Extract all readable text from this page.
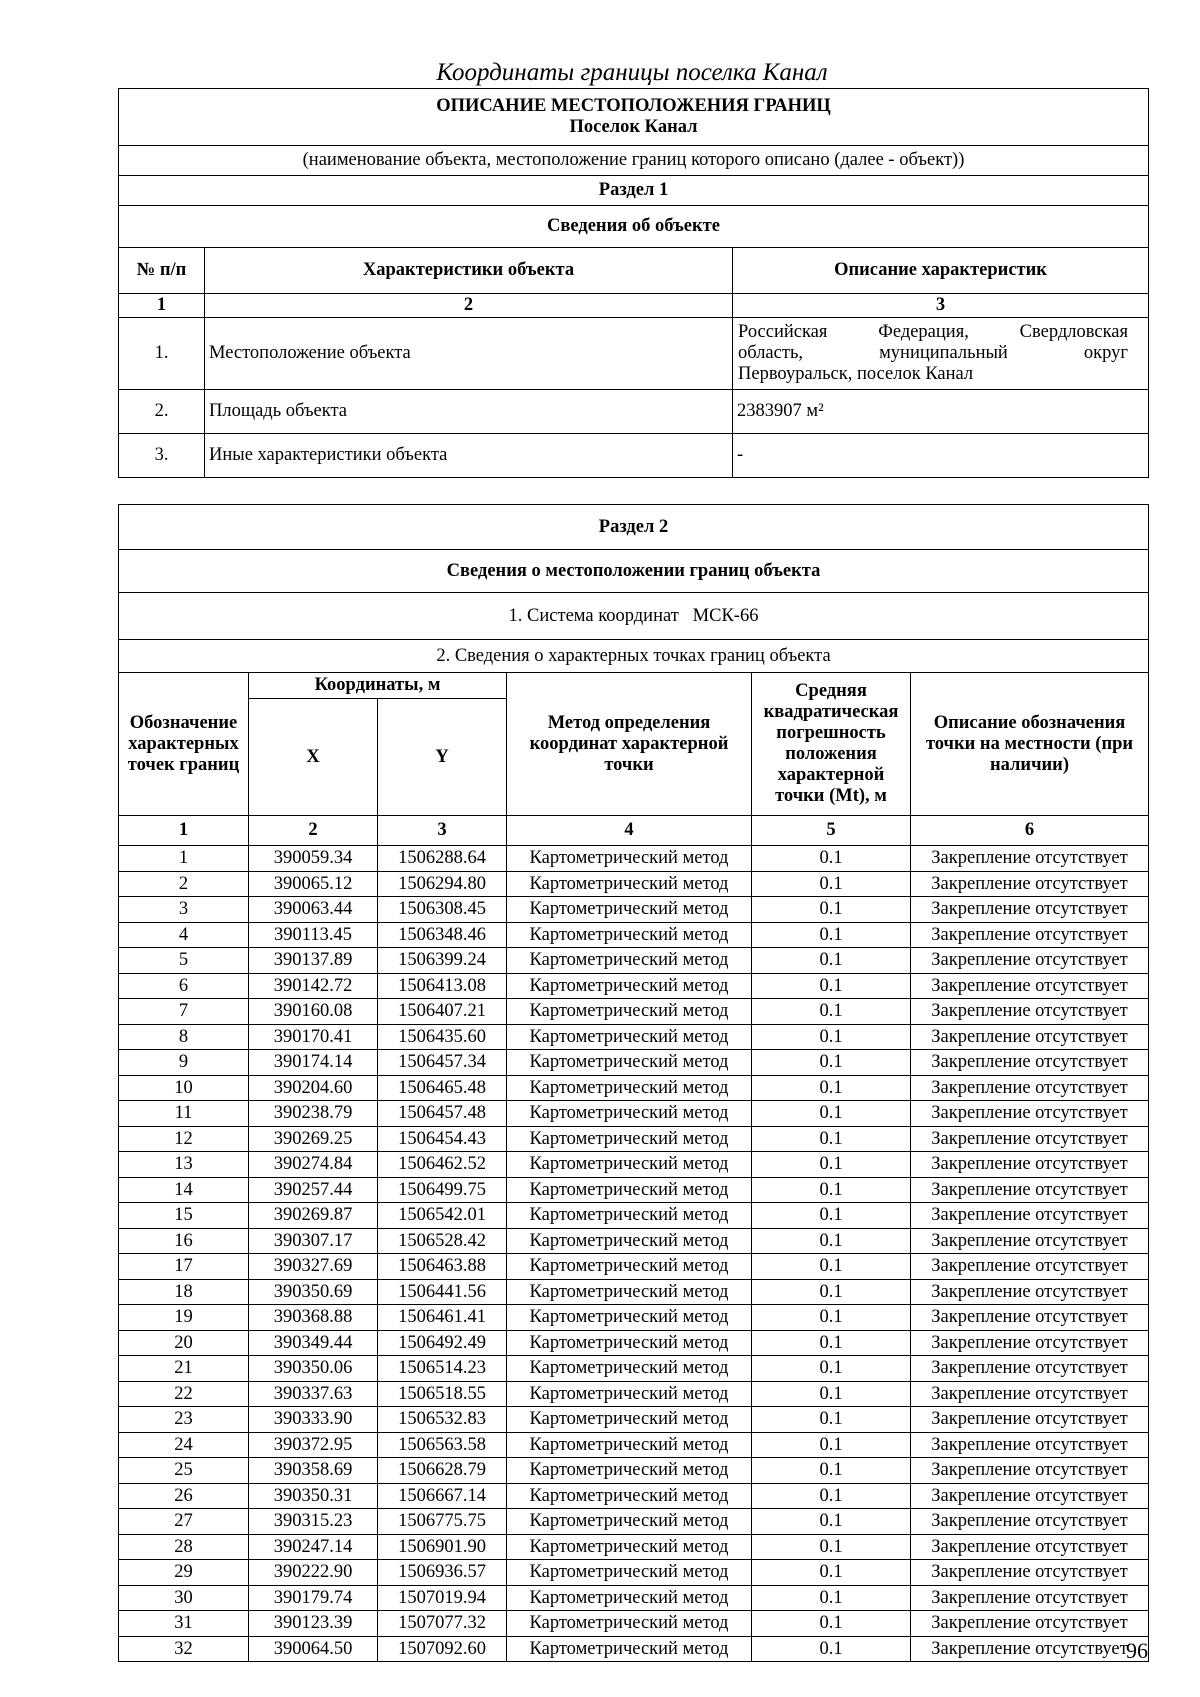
Координаты границы поселка Канал
ОПИСАНИЕ МЕСТОПОЛОЖЕНИЯ ГРАНИЦ
Поселок Канал		

(наименование объекта, местоположение границ которого описано (далее - объект))		
Раздел 1		
Сведения об объекте		
№ п/п	Характеристики объекта	Описание характеристик
1	2	3
1.	Местоположение объекта	Российская Федерация, Свердловская
область, муниципальный округ
Первоуральск, поселок Канал

2.	Площадь объекта	2383907 м²
3.	Иные характеристики объекта	-
Раздел 2					
Сведения о местоположении границ объекта					
1. Система координат   МСК-66					
2. Сведения о характерных точках границ объекта					
Обозначение характерных точек границ	Координаты, м		Метод определения координат характерной точки	Средняя квадратическая погрешность положения характерной точки (Mt), м	Описание обозначения точки на местности (при наличии)
	X	Y			
1	2	3	4	5	6
1	390059.34	1506288.64	Картометрический метод	0.1	Закрепление отсутствует
2	390065.12	1506294.80	Картометрический метод	0.1	Закрепление отсутствует
3	390063.44	1506308.45	Картометрический метод	0.1	Закрепление отсутствует
4	390113.45	1506348.46	Картометрический метод	0.1	Закрепление отсутствует
5	390137.89	1506399.24	Картометрический метод	0.1	Закрепление отсутствует
6	390142.72	1506413.08	Картометрический метод	0.1	Закрепление отсутствует
7	390160.08	1506407.21	Картометрический метод	0.1	Закрепление отсутствует
8	390170.41	1506435.60	Картометрический метод	0.1	Закрепление отсутствует
9	390174.14	1506457.34	Картометрический метод	0.1	Закрепление отсутствует
10	390204.60	1506465.48	Картометрический метод	0.1	Закрепление отсутствует
11	390238.79	1506457.48	Картометрический метод	0.1	Закрепление отсутствует
12	390269.25	1506454.43	Картометрический метод	0.1	Закрепление отсутствует
13	390274.84	1506462.52	Картометрический метод	0.1	Закрепление отсутствует
14	390257.44	1506499.75	Картометрический метод	0.1	Закрепление отсутствует
15	390269.87	1506542.01	Картометрический метод	0.1	Закрепление отсутствует
16	390307.17	1506528.42	Картометрический метод	0.1	Закрепление отсутствует
17	390327.69	1506463.88	Картометрический метод	0.1	Закрепление отсутствует
18	390350.69	1506441.56	Картометрический метод	0.1	Закрепление отсутствует
19	390368.88	1506461.41	Картометрический метод	0.1	Закрепление отсутствует
20	390349.44	1506492.49	Картометрический метод	0.1	Закрепление отсутствует
21	390350.06	1506514.23	Картометрический метод	0.1	Закрепление отсутствует
22	390337.63	1506518.55	Картометрический метод	0.1	Закрепление отсутствует
23	390333.90	1506532.83	Картометрический метод	0.1	Закрепление отсутствует
24	390372.95	1506563.58	Картометрический метод	0.1	Закрепление отсутствует
25	390358.69	1506628.79	Картометрический метод	0.1	Закрепление отсутствует
26	390350.31	1506667.14	Картометрический метод	0.1	Закрепление отсутствует
27	390315.23	1506775.75	Картометрический метод	0.1	Закрепление отсутствует
28	390247.14	1506901.90	Картометрический метод	0.1	Закрепление отсутствует
29	390222.90	1506936.57	Картометрический метод	0.1	Закрепление отсутствует
30	390179.74	1507019.94	Картометрический метод	0.1	Закрепление отсутствует
31	390123.39	1507077.32	Картометрический метод	0.1	Закрепление отсутствует
32	390064.50	1507092.60	Картометрический метод	0.1	Закрепление отсутствует
96
